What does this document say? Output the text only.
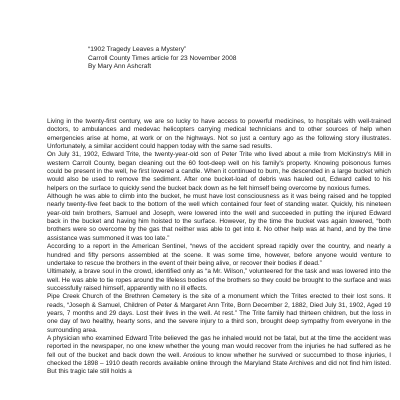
“1902 Tragedy Leaves a Mystery”
Carroll County Times article for 23 November 2008
By Mary Ann Ashcraft

Living in the twenty-first century, we are so lucky to have access to powerful medicines, to hospitals with well-trained doctors, to ambulances and medevac helicopters carrying medical technicians and to other sources of help when emergencies arise at home, at work or on the highways. Not so just a century ago as the following story illustrates. Unfortunately, a similar accident could happen today with the same sad results.

On July 31, 1902, Edward Trite, the twenty-year-old son of Peter Trite who lived about a mile from McKinstry's Mill in western Carroll County, began cleaning out the 60 foot-deep well on his family's property. Knowing poisonous fumes could be present in the well, he first lowered a candle. When it continued to burn, he descended in a large bucket which would also be used to remove the sediment. After one bucket-load of debris was hauled out, Edward called to his helpers on the surface to quickly send the bucket back down as he felt himself being overcome by noxious fumes.

Although he was able to climb into the bucket, he must have lost consciousness as it was being raised and he toppled nearly twenty-five feet back to the bottom of the well which contained four feet of standing water. Quickly, his nineteen year-old twin brothers, Samuel and Joseph, were lowered into the well and succeeded in putting the injured Edward back in the bucket and having him hoisted to the surface. However, by the time the bucket was again lowered, “both brothers were so overcome by the gas that neither was able to get into it. No other help was at hand, and by the time assistance was summoned it was too late.”

According to a report in the American Sentinel, “news of the accident spread rapidly over the country, and nearly a hundred and fifty persons assembled at the scene. It was some time, however, before anyone would venture to undertake to rescue the brothers in the event of their being alive, or recover their bodies if dead.”

Ultimately, a brave soul in the crowd, identified only as “a Mr. Wilson,” volunteered for the task and was lowered into the well. He was able to tie ropes around the lifeless bodies of the brothers so they could be brought to the surface and was successfully raised himself, apparently with no ill effects.

Pipe Creek Church of the Brethren Cemetery is the site of a monument which the Trites erected to their lost sons. It reads, “Joseph & Samuel, Children of Peter & Margaret Ann Trite, Born December 2, 1882, Died July 31, 1902, Aged 19 years, 7 months and 29 days. Lost their lives in the well. At rest.” The Trite family had thirteen children, but the loss in one day of two healthy, hearty sons, and the severe injury to a third son, brought deep sympathy from everyone in the surrounding area.

A physician who examined Edward Trite believed the gas he inhaled would not be fatal, but at the time the accident was reported in the newspaper, no one knew whether the young man would recover from the injuries he had suffered as he fell out of the bucket and back down the well. Anxious to know whether he survived or succumbed to those injuries, I checked the 1898 – 1910 death records available online through the Maryland State Archives and did not find him listed. But this tragic tale still holds a
